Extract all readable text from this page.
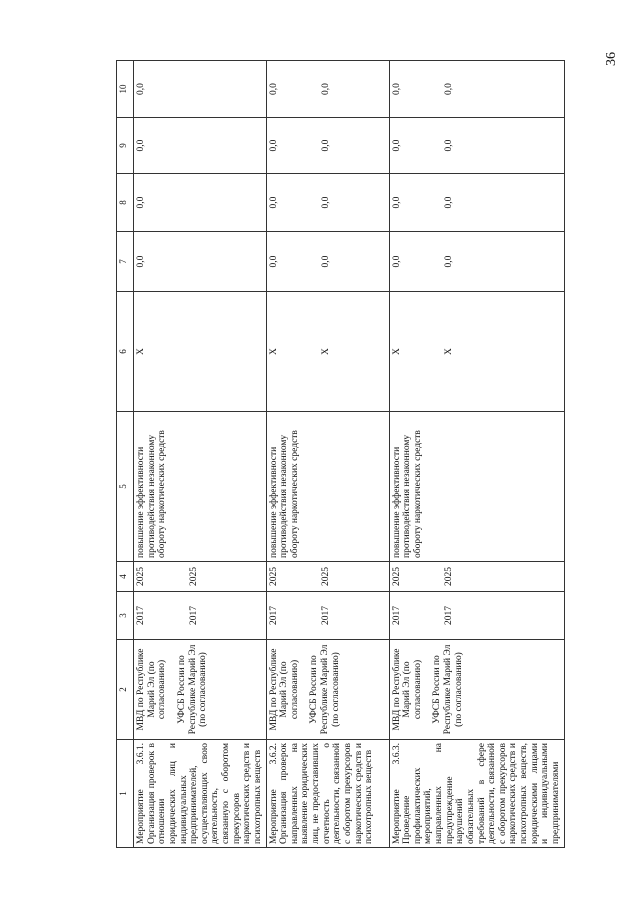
36
1	2	3	4	5	6	7	8	9	10
Мероприятие 3.6.1. Организация проверок в отношении юридических лиц и индивидуальных предпринимателей, осуществляющих свою деятельность, связанную с оборотом прекурсоров наркотических средств и психотропных веществ	МВД по Республике Марий Эл (по согласованию) УФСБ России по Республике Марий Эл (по согласованию)	2017 2017	2025 2025	повышение эффективности противодействия незаконному обороту наркотических средств	X	0,0	0,0	0,0	0,0
Мероприятие 3.6.2. Организация проверок направленных на выявление юридических лиц, не предоставивших отчетность о деятельности, связанной с оборотом прекурсоров наркотических средств и психотропных веществ	МВД по Республике Марий Эл (по согласованию) УФСБ России по Республике Марий Эл (по согласованию)	2017 2017	2025 2025	повышение эффективности противодействия незаконному обороту наркотических средств	X X	0,0 0,0	0,0 0,0	0,0 0,0	0,0 0,0

Мероприятие 3.6.3. Проведение профилактических мероприятий, направленных на предупреждение нарушений обязательных требований в сфере деятельности, связанной с оборотом прекурсоров наркотических средств и психотропных веществ, юридическими лицами и индивидуальными предпринимателями	МВД по Республике Марий Эл (по согласованию) УФСБ России по Республике Марий Эл (по согласованию)	2017 2017	2025 2025	повышение эффективности противодействия незаконному обороту наркотических средств	X X	0,0 0,0	0,0 0,0	0,0 0,0	0,0 0,0
